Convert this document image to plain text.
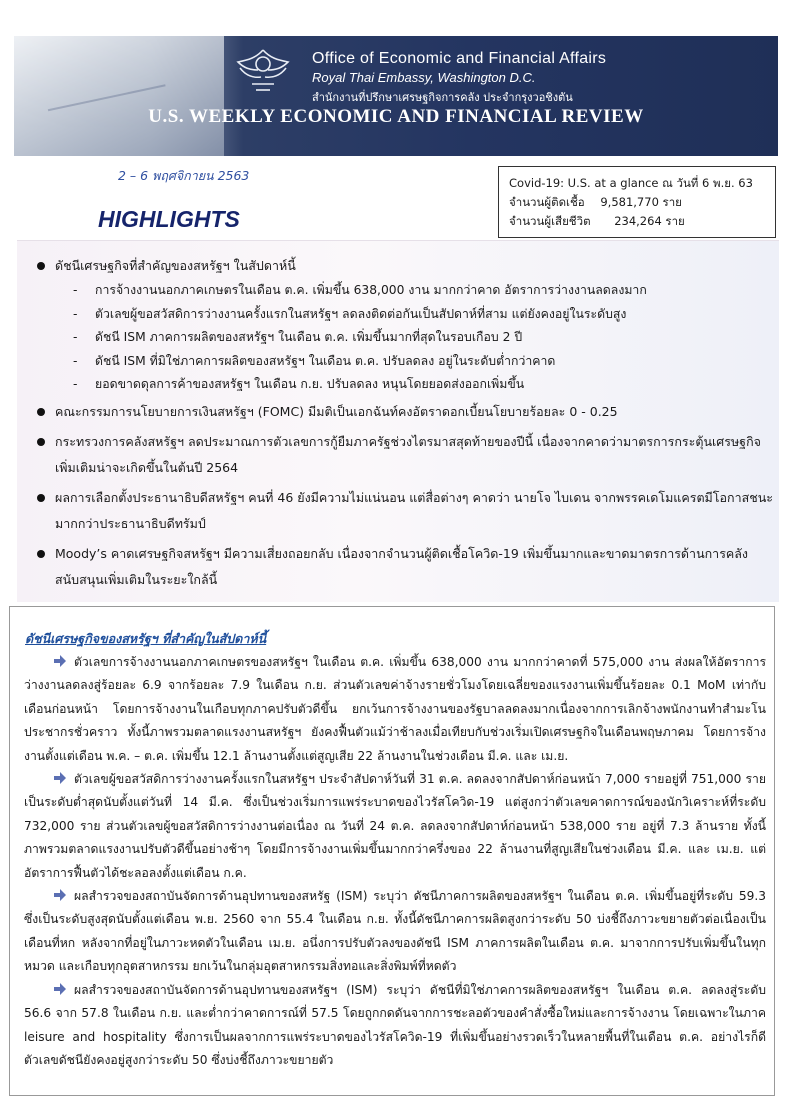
Office of Economic and Financial Affairs
Royal Thai Embassy, Washington D.C.
สำนักงานที่ปรึกษาเศรษฐกิจการคลัง ประจำกรุงวอชิงตัน
U.S. WEEKLY ECONOMIC AND FINANCIAL REVIEW
2 – 6 พฤศจิกายน 2563
HIGHLIGHTS
Covid-19: U.S. at a glance ณ วันที่ 6 พ.ย. 63
จำนวนผู้ติดเชื้อ 9,581,770 ราย
จำนวนผู้เสียชีวิต 234,264 ราย
ดัชนีเศรษฐกิจที่สำคัญของสหรัฐฯ ในสัปดาห์นี้
- การจ้างงานนอกภาคเกษตรในเดือน ต.ค. เพิ่มขึ้น 638,000 งาน มากกว่าคาด อัตราการว่างงานลดลงมาก
- ตัวเลขผู้ขอสวัสดิการว่างงานครั้งแรกในสหรัฐฯ ลดลงติดต่อกันเป็นสัปดาห์ที่สาม แต่ยังคงอยู่ในระดับสูง
- ดัชนี ISM ภาคการผลิตของสหรัฐฯ ในเดือน ต.ค. เพิ่มขึ้นมากที่สุดในรอบเกือบ 2 ปี
- ดัชนี ISM ที่มิใช่ภาคการผลิตของสหรัฐฯ ในเดือน ต.ค. ปรับลดลง อยู่ในระดับต่ำกว่าคาด
- ยอดขาดดุลการค้าของสหรัฐฯ ในเดือน ก.ย. ปรับลดลง หนุนโดยยอดส่งออกเพิ่มขึ้น
คณะกรรมการนโยบายการเงินสหรัฐฯ (FOMC) มีมติเป็นเอกฉันท์คงอัตราดอกเบี้ยนโยบายร้อยละ 0 - 0.25
กระทรวงการคลังสหรัฐฯ ลดประมาณการตัวเลขการกู้ยืมภาครัฐช่วงไตรมาสสุดท้ายของปีนี้ เนื่องจากคาดว่ามาตรการกระตุ้นเศรษฐกิจเพิ่มเติมน่าจะเกิดขึ้นในต้นปี 2564
ผลการเลือกตั้งประธานาธิบดีสหรัฐฯ คนที่ 46 ยังมีความไม่แน่นอน แต่สื่อต่างๆ คาดว่า นายโจ ไบเดน จากพรรคเดโมแครตมีโอกาสชนะมากกว่าประธานาธิบดีทรัมป์
Moody’s คาดเศรษฐกิจสหรัฐฯ มีความเสี่ยงถอยกลับ เนื่องจากจำนวนผู้ติดเชื้อโควิด-19 เพิ่มขึ้นมากและขาดมาตรการด้านการคลังสนับสนุนเพิ่มเติมในระยะใกล้นี้
ดัชนีเศรษฐกิจของสหรัฐฯ ที่สำคัญในสัปดาห์นี้
ตัวเลขการจ้างงานนอกภาคเกษตรของสหรัฐฯ ในเดือน ต.ค. เพิ่มขึ้น 638,000 งาน มากกว่าคาดที่ 575,000 งาน ส่งผลให้อัตราการว่างงานลดลงสู่ร้อยละ 6.9 จากร้อยละ 7.9 ในเดือน ก.ย. ส่วนตัวเลขค่าจ้างรายชั่วโมงโดยเฉลี่ยของแรงงานเพิ่มขึ้นร้อยละ 0.1 MoM เท่ากับเดือนก่อนหน้า โดยการจ้างงานในเกือบทุกภาคปรับตัวดีขึ้น ยกเว้นการจ้างงานของรัฐบาลลดลงมากเนื่องจากการเลิกจ้างพนักงานทำสำมะโนประชากรชั่วคราว ทั้งนี้ภาพรวมตลาดแรงงานสหรัฐฯ ยังคงฟื้นตัวแม้ว่าช้าลงเมื่อเทียบกับช่วงเริ่มเปิดเศรษฐกิจในเดือนพฤษภาคม โดยการจ้างงานตั้งแต่เดือน พ.ค. – ต.ค. เพิ่มขึ้น 12.1 ล้านงานตั้งแต่สูญเสีย 22 ล้านงานในช่วงเดือน มี.ค. และ เม.ย.
ตัวเลขผู้ขอสวัสดิการว่างงานครั้งแรกในสหรัฐฯ ประจำสัปดาห์วันที่ 31 ต.ค. ลดลงจากสัปดาห์ก่อนหน้า 7,000 รายอยู่ที่ 751,000 ราย เป็นระดับต่ำสุดนับตั้งแต่วันที่ 14 มี.ค. ซึ่งเป็นช่วงเริ่มการแพร่ระบาดของไวรัสโควิด-19 แต่สูงกว่าตัวเลขคาดการณ์ของนักวิเคราะห์ที่ระดับ 732,000 ราย ส่วนตัวเลขผู้ขอสวัสดิการว่างงานต่อเนื่อง ณ วันที่ 24 ต.ค. ลดลงจากสัปดาห์ก่อนหน้า 538,000 ราย อยู่ที่ 7.3 ล้านราย ทั้งนี้ภาพรวมตลาดแรงงานปรับตัวดีขึ้นอย่างช้าๆ โดยมีการจ้างงานเพิ่มขึ้นมากกว่าครึ่งของ 22 ล้านงานที่สูญเสียในช่วงเดือน มี.ค. และ เม.ย. แต่อัตราการฟื้นตัวได้ชะลอลงตั้งแต่เดือน ก.ค.
ผลสำรวจของสถาบันจัดการด้านอุปทานของสหรัฐ (ISM) ระบุว่า ดัชนีภาคการผลิตของสหรัฐฯ ในเดือน ต.ค. เพิ่มขึ้นอยู่ที่ระดับ 59.3 ซึ่งเป็นระดับสูงสุดนับตั้งแต่เดือน พ.ย. 2560 จาก 55.4 ในเดือน ก.ย. ทั้งนี้ดัชนีภาคการผลิตสูงกว่าระดับ 50 บ่งชี้ถึงภาวะขยายตัวต่อเนื่องเป็นเดือนที่หก หลังจากที่อยู่ในภาวะหดตัวในเดือน เม.ย. อนึ่งการปรับตัวลงของดัชนี ISM ภาคการผลิตในเดือน ต.ค. มาจากการปรับเพิ่มขึ้นในทุกหมวด และเกือบทุกอุตสาหกรรม ยกเว้นในกลุ่มอุตสาหกรรมสิ่งทอและสิ่งพิมพ์ที่หดตัว
ผลสำรวจของสถาบันจัดการด้านอุปทานของสหรัฐฯ (ISM) ระบุว่า ดัชนีที่มิใช่ภาคการผลิตของสหรัฐฯ ในเดือน ต.ค. ลดลงสู่ระดับ 56.6 จาก 57.8 ในเดือน ก.ย. และต่ำกว่าคาดการณ์ที่ 57.5 โดยถูกกดดันจากการชะลอตัวของคำสั่งซื้อใหม่และการจ้างงาน โดยเฉพาะในภาค leisure and hospitality ซึ่งการเป็นผลจากการแพร่ระบาดของไวรัสโควิด-19 ที่เพิ่มขึ้นอย่างรวดเร็วในหลายพื้นที่ในเดือน ต.ค. อย่างไรก็ดี ตัวเลขดัชนียังคงอยู่สูงกว่าระดับ 50 ซึ่งบ่งชี้ถึงภาวะขยายตัว
